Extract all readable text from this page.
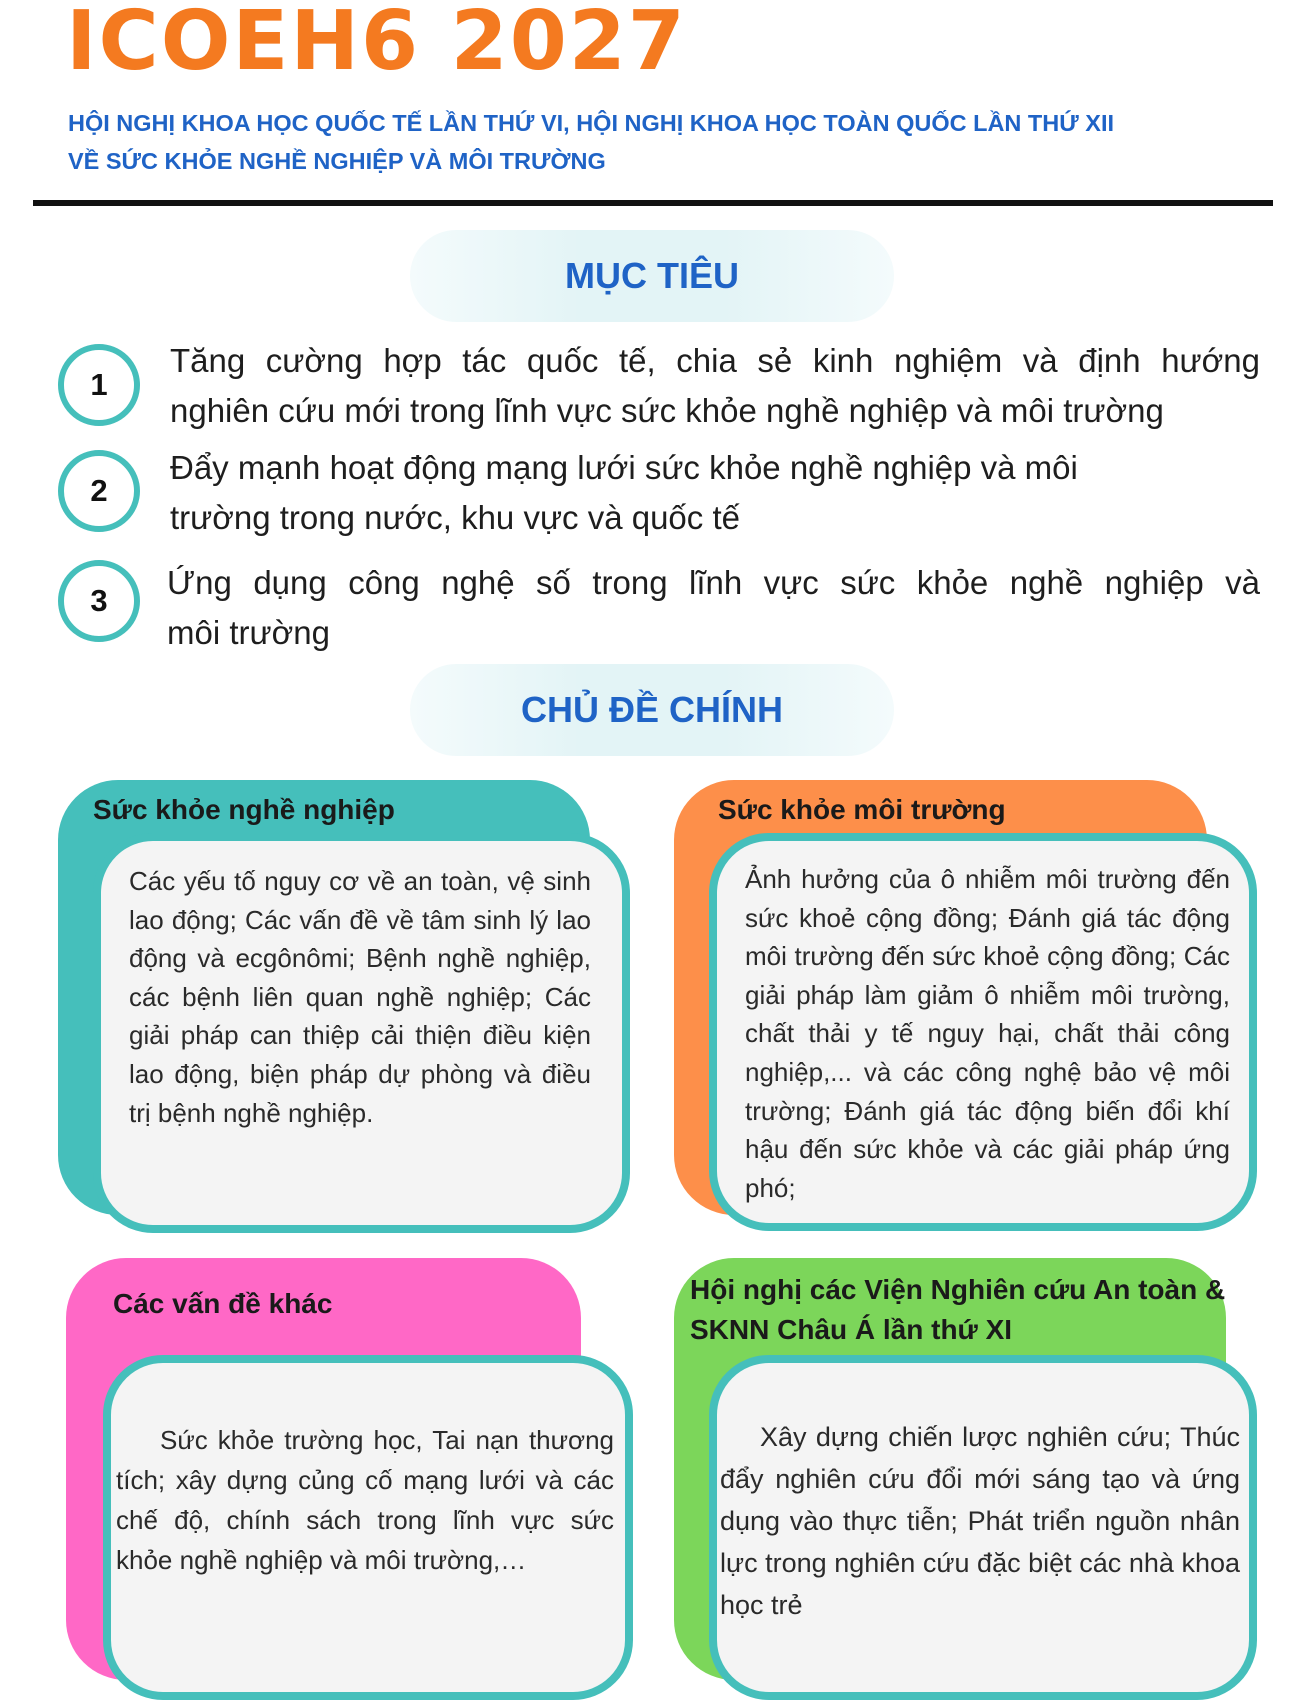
ICOEH6 2027
HỘI NGHỊ KHOA HỌC QUỐC TẾ LẦN THỨ VI, HỘI NGHỊ KHOA HỌC TOÀN QUỐC LẦN THỨ XII
VỀ SỨC KHỎE NGHỀ NGHIỆP VÀ MÔI TRƯỜNG
MỤC TIÊU
1
Tăng cường hợp tác quốc tế, chia sẻ kinh nghiệm và định hướng
nghiên cứu mới trong lĩnh vực sức khỏe nghề nghiệp và môi trường
2
Đẩy mạnh hoạt động mạng lưới sức khỏe nghề nghiệp và môi
trường trong nước, khu vực và quốc tế
3	Ứng dụng công nghệ số trong lĩnh vực sức khỏe nghề nghiệp và
môi trường
CHỦ ĐỀ CHÍNH
Sức khỏe nghề nghiệp
Các yếu tố nguy cơ về an toàn, vệ sinh lao động; Các vấn đề về tâm sinh lý lao động và ecgônômi; Bệnh nghề nghiệp, các bệnh liên quan nghề nghiệp; Các giải pháp can thiệp cải thiện điều kiện lao động, biện pháp dự phòng và điều trị bệnh nghề nghiệp.
Sức khỏe môi trường
Ảnh hưởng của ô nhiễm môi trường đến sức khoẻ cộng đồng; Đánh giá tác động môi trường đến sức khoẻ cộng đồng; Các giải pháp làm giảm ô nhiễm môi trường, chất thải y tế nguy hại, chất thải công nghiệp,... và các công nghệ bảo vệ môi trường; Đánh giá tác động biến đổi khí hậu đến sức khỏe và các giải pháp ứng phó;
Các vấn đề khác
Sức khỏe trường học, Tai nạn thương tích; xây dựng củng cố mạng lưới và các chế độ, chính sách trong lĩnh vực sức khỏe nghề nghiệp và môi trường,…
Hội nghị các Viện Nghiên cứu An toàn & SKNN Châu Á lần thứ XI
Xây dựng chiến lược nghiên cứu; Thúc đẩy nghiên cứu đổi mới sáng tạo và ứng dụng vào thực tiễn; Phát triển nguồn nhân lực trong nghiên cứu đặc biệt các nhà khoa học trẻ
